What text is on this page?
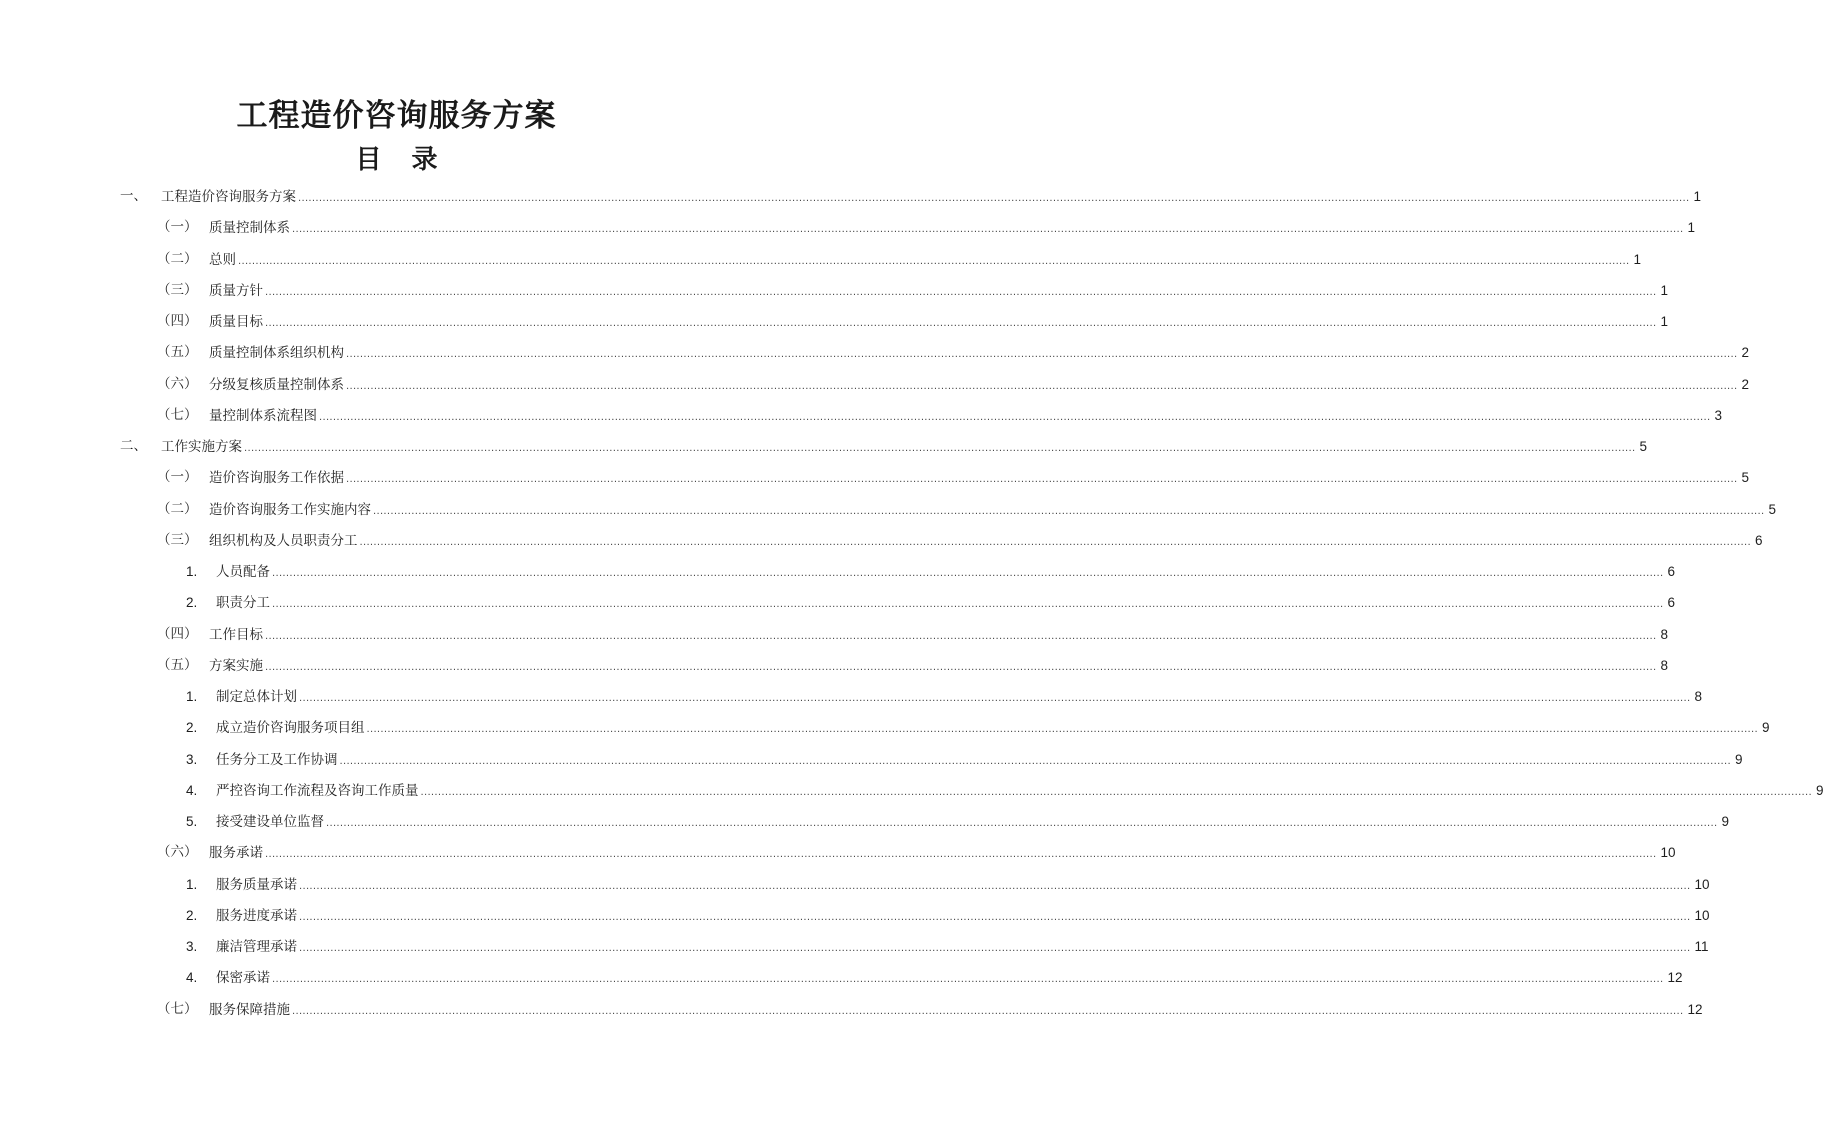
工程造价咨询服务方案
目 录
一、 工程造价咨询服务方案 ................................................................................................................................................................................................................................................................................................................................................................................................................ 1
（一） 质量控制体系 ................................................................................................................................................................................................................................................................................................................................................................................................................ 1
（二） 总则 ................................................................................................................................................................................................................................................................................................................................................................................................................ 1
（三） 质量方针 ................................................................................................................................................................................................................................................................................................................................................................................................................ 1
（四） 质量目标 ................................................................................................................................................................................................................................................................................................................................................................................................................ 1
（五） 质量控制体系组织机构 ................................................................................................................................................................................................................................................................................................................................................................................................................ 2
（六） 分级复核质量控制体系 ................................................................................................................................................................................................................................................................................................................................................................................................................ 2
（七） 量控制体系流程图 ................................................................................................................................................................................................................................................................................................................................................................................................................ 3
二、 工作实施方案 ................................................................................................................................................................................................................................................................................................................................................................................................................ 5
（一） 造价咨询服务工作依据 ................................................................................................................................................................................................................................................................................................................................................................................................................ 5
（二） 造价咨询服务工作实施内容 ................................................................................................................................................................................................................................................................................................................................................................................................................ 5
（三） 组织机构及人员职责分工 ................................................................................................................................................................................................................................................................................................................................................................................................................ 6
1. 人员配备 ................................................................................................................................................................................................................................................................................................................................................................................................................ 6
2. 职责分工 ................................................................................................................................................................................................................................................................................................................................................................................................................ 6
（四） 工作目标 ................................................................................................................................................................................................................................................................................................................................................................................................................ 8
（五） 方案实施 ................................................................................................................................................................................................................................................................................................................................................................................................................ 8
1. 制定总体计划 ................................................................................................................................................................................................................................................................................................................................................................................................................ 8
2. 成立造价咨询服务项目组 ................................................................................................................................................................................................................................................................................................................................................................................................................ 9
3. 任务分工及工作协调 ................................................................................................................................................................................................................................................................................................................................................................................................................ 9
4. 严控咨询工作流程及咨询工作质量 ................................................................................................................................................................................................................................................................................................................................................................................................................ 9
5. 接受建设单位监督 ................................................................................................................................................................................................................................................................................................................................................................................................................ 9
（六） 服务承诺 ................................................................................................................................................................................................................................................................................................................................................................................................................ 10
1. 服务质量承诺 ................................................................................................................................................................................................................................................................................................................................................................................................................ 10
2. 服务进度承诺 ................................................................................................................................................................................................................................................................................................................................................................................................................ 10
3. 廉洁管理承诺 ................................................................................................................................................................................................................................................................................................................................................................................................................ 11
4. 保密承诺 ................................................................................................................................................................................................................................................................................................................................................................................................................ 12
（七） 服务保障措施 ................................................................................................................................................................................................................................................................................................................................................................................................................ 12
